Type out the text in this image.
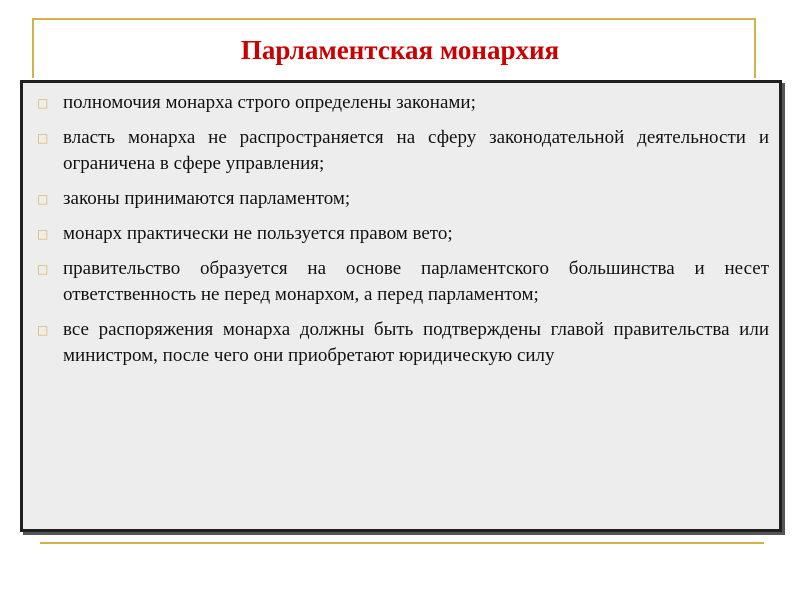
Парламентская монархия
□ полномочия монарха строго определены законами;
□ власть монарха не распространяется на сферу законодательной деятельности и ограничена в сфере управления;
□ законы принимаются парламентом;
□ монарх практически не пользуется правом вето;
□ правительство образуется на основе парламентского большинства и несет ответственность не перед монархом, а перед парламентом;
□ все распоряжения монарха должны быть подтверждены главой правительства или министром, после чего они приобретают юридическую силу
